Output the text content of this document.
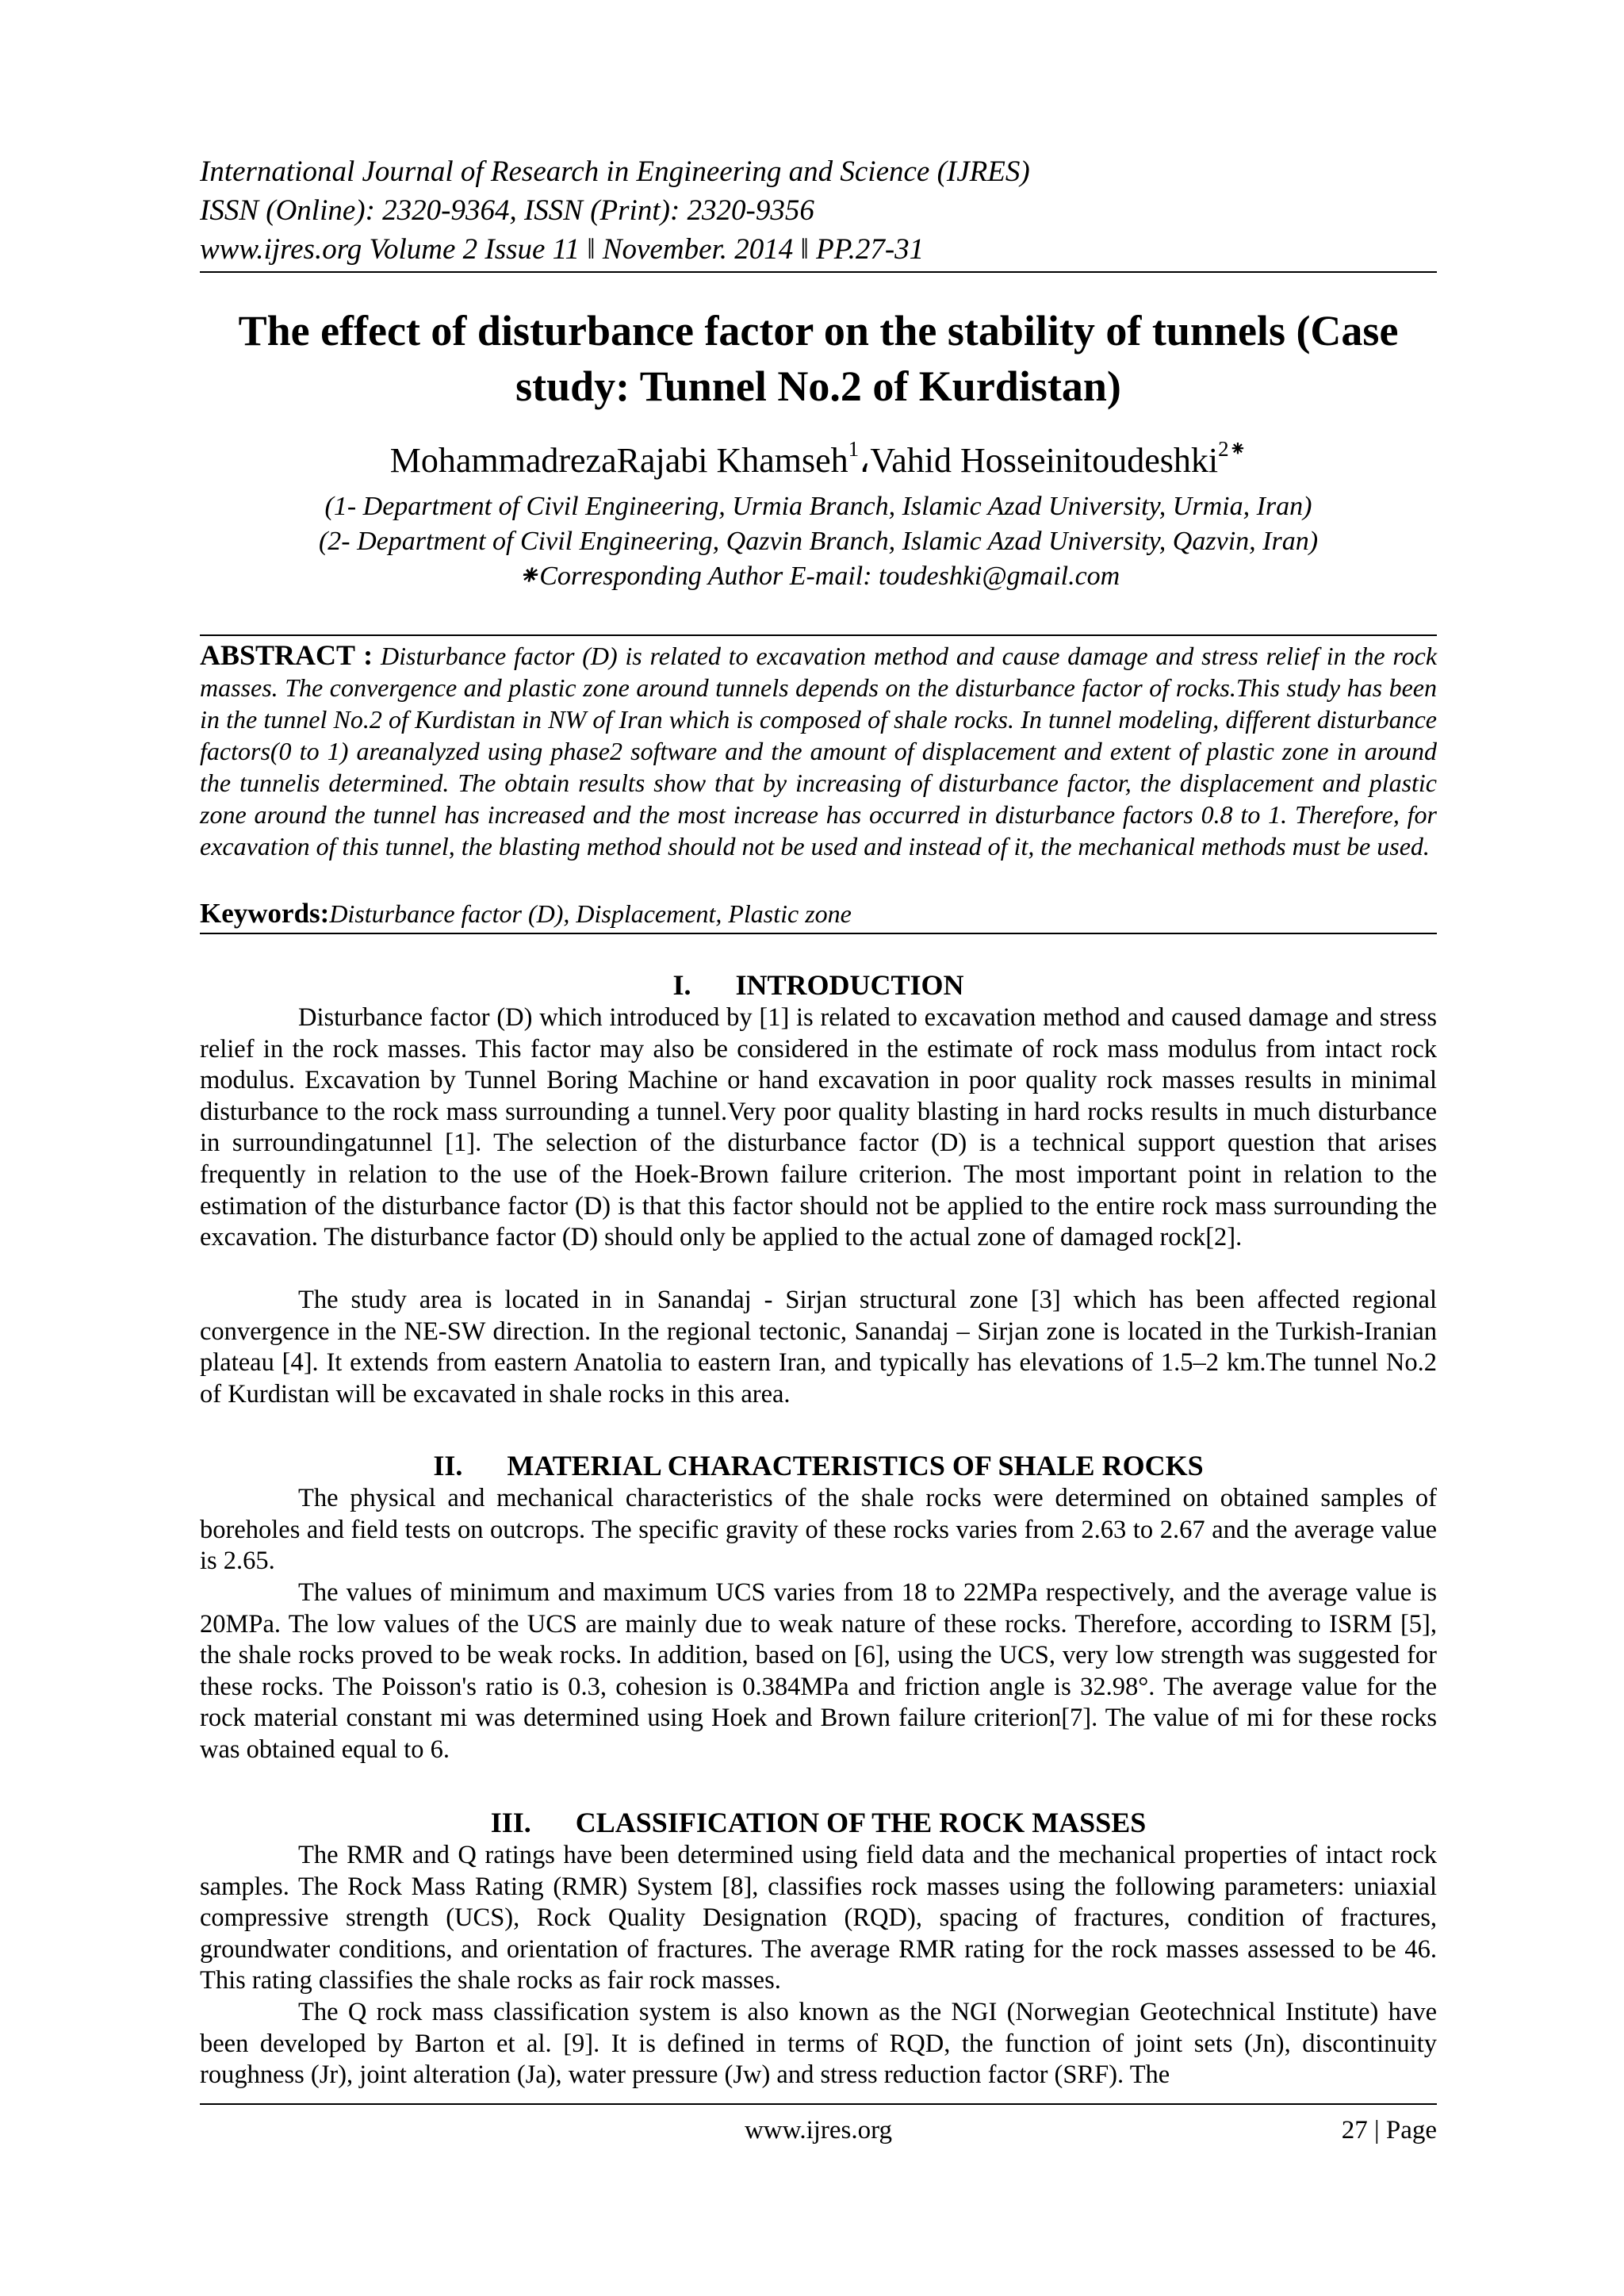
International Journal of Research in Engineering and Science (IJRES)
ISSN (Online): 2320-9364, ISSN (Print): 2320-9356
www.ijres.org Volume 2 Issue 11 ǁ November. 2014 ǁ PP.27-31
The effect of disturbance factor on the stability of tunnels (Case study: Tunnel No.2 of Kurdistan)
MohammadrezaRajabi Khamseh$^1$،Vahid Hosseinitoudeshki$^{2⁕}$
(1- Department of Civil Engineering, Urmia Branch, Islamic Azad University, Urmia, Iran)
(2- Department of Civil Engineering, Qazvin Branch, Islamic Azad University, Qazvin, Iran)
⁕Corresponding Author E-mail: toudeshki@gmail.com
ABSTRACT : Disturbance factor (D) is related to excavation method and cause damage and stress relief in the rock masses. The convergence and plastic zone around tunnels depends on the disturbance factor of rocks.This study has been in the tunnel No.2 of Kurdistan in NW of Iran which is composed of shale rocks. In tunnel modeling, different disturbance factors(0 to 1) areanalyzed using phase2 software and the amount of displacement and extent of plastic zone in around the tunnelis determined. The obtain results show that by increasing of disturbance factor, the displacement and plastic zone around the tunnel has increased and the most increase has occurred in disturbance factors 0.8 to 1. Therefore, for excavation of this tunnel, the blasting method should not be used and instead of it, the mechanical methods must be used.
Keywords:Disturbance factor (D), Displacement, Plastic zone
I. INTRODUCTION
Disturbance factor (D) which introduced by [1] is related to excavation method and caused damage and stress relief in the rock masses. This factor may also be considered in the estimate of rock mass modulus from intact rock modulus. Excavation by Tunnel Boring Machine or hand excavation in poor quality rock masses results in minimal disturbance to the rock mass surrounding a tunnel.Very poor quality blasting in hard rocks results in much disturbance in surroundingatunnel [1]. The selection of the disturbance factor (D) is a technical support question that arises frequently in relation to the use of the Hoek-Brown failure criterion. The most important point in relation to the estimation of the disturbance factor (D) is that this factor should not be applied to the entire rock mass surrounding the excavation. The disturbance factor (D) should only be applied to the actual zone of damaged rock[2].
The study area is located in in Sanandaj - Sirjan structural zone [3] which has been affected regional convergence in the NE-SW direction. In the regional tectonic, Sanandaj – Sirjan zone is located in the Turkish-Iranian plateau [4]. It extends from eastern Anatolia to eastern Iran, and typically has elevations of 1.5–2 km.The tunnel No.2 of Kurdistan will be excavated in shale rocks in this area.
II. MATERIAL CHARACTERISTICS OF SHALE ROCKS
The physical and mechanical characteristics of the shale rocks were determined on obtained samples of boreholes and field tests on outcrops. The specific gravity of these rocks varies from 2.63 to 2.67 and the average value is 2.65.
The values of minimum and maximum UCS varies from 18 to 22MPa respectively, and the average value is 20MPa. The low values of the UCS are mainly due to weak nature of these rocks. Therefore, according to ISRM [5], the shale rocks proved to be weak rocks. In addition, based on [6], using the UCS, very low strength was suggested for these rocks. The Poisson's ratio is 0.3, cohesion is 0.384MPa and friction angle is 32.98°. The average value for the rock material constant mi was determined using Hoek and Brown failure criterion[7]. The value of mi for these rocks was obtained equal to 6.
III. CLASSIFICATION OF THE ROCK MASSES
The RMR and Q ratings have been determined using field data and the mechanical properties of intact rock samples. The Rock Mass Rating (RMR) System [8], classifies rock masses using the following parameters: uniaxial compressive strength (UCS), Rock Quality Designation (RQD), spacing of fractures, condition of fractures, groundwater conditions, and orientation of fractures. The average RMR rating for the rock masses assessed to be 46. This rating classifies the shale rocks as fair rock masses.
The Q rock mass classification system is also known as the NGI (Norwegian Geotechnical Institute) have been developed by Barton et al. [9]. It is defined in terms of RQD, the function of joint sets (Jn), discontinuity roughness (Jr), joint alteration (Ja), water pressure (Jw) and stress reduction factor (SRF). The
www.ijres.org	27 | Page
